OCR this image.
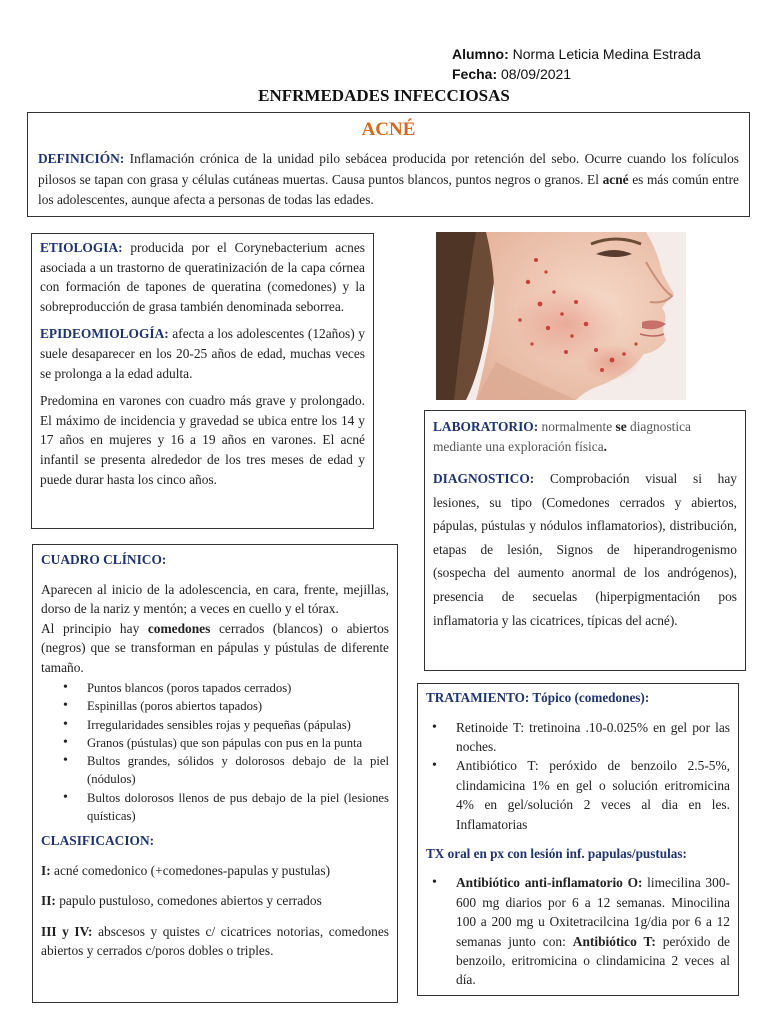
Alumno: Norma Leticia Medina Estrada
Fecha: 08/09/2021
ENFRMEDADES INFECCIOSAS
ACNÉ

DEFINICIÓN: Inflamación crónica de la unidad pilo sebácea producida por retención del sebo. Ocurre cuando los folículos pilosos se tapan con grasa y células cutáneas muertas. Causa puntos blancos, puntos negros o granos. El acné es más común entre los adolescentes, aunque afecta a personas de todas las edades.

ETIOLOGIA: producida por el Corynebacterium acnes asociada a un trastorno de queratinización de la capa córnea con formación de tapones de queratina (comedones) y la sobreproducción de grasa también denominada seborrea.

EPIDEOMIOLOGÍA: afecta a los adolescentes (12años) y suele desaparecer en los 20-25 años de edad, muchas veces se prolonga a la edad adulta.

Predomina en varones con cuadro más grave y prolongado. El máximo de incidencia y gravedad se ubica entre los 14 y 17 años en mujeres y 16 a 19 años en varones. El acné infantil se presenta alrededor de los tres meses de edad y puede durar hasta los cinco años.

LABORATORIO: normalmente se diagnostica mediante una exploración física.

DIAGNOSTICO: Comprobación visual si hay lesiones, su tipo (Comedones cerrados y abiertos, pápulas, pústulas y nódulos inflamatorios), distribución, etapas de lesión, Signos de hiperandrogenismo (sospecha del aumento anormal de los andrógenos), presencia de secuelas (hiperpigmentación pos inflamatoria y las cicatrices, típicas del acné).

CUADRO CLÍNICO:

Aparecen al inicio de la adolescencia, en cara, frente, mejillas, dorso de la nariz y mentón; a veces en cuello y el tórax.

Al principio hay comedones cerrados (blancos) o abiertos (negros) que se transforman en pápulas y pústulas de diferente tamaño.

• Puntos blancos (poros tapados cerrados)
• Espinillas (poros abiertos tapados)
• Irregularidades sensibles rojas y pequeñas (pápulas)
• Granos (pústulas) que son pápulas con pus en la punta
• Bultos grandes, sólidos y dolorosos debajo de la piel (nódulos)
• Bultos dolorosos llenos de pus debajo de la piel (lesiones quísticas)

CLASIFICACION:

I: acné comedonico (+comedones-papulas y pustulas)

II: papulo pustuloso, comedones abiertos y cerrados

III y IV: abscesos y quistes c/ cicatrices notorias, comedones abiertos y cerrados c/poros dobles o triples.

TRATAMIENTO: Tópico (comedones):

• Retinoide T: tretinoina .10-0.025% en gel por las noches.
• Antibiótico T: peróxido de benzoilo 2.5-5%, clindamicina 1% en gel o solución eritromicina 4% en gel/solución 2 veces al dia en les. Inflamatorias

TX oral en px con lesión inf. papulas/pustulas:

• Antibiótico anti-inflamatorio O: limecilina 300-600 mg diarios por 6 a 12 semanas. Minocilina 100 a 200 mg u Oxitetracilcina 1g/dia por 6 a 12 semanas junto con: Antibiótico T: peróxido de benzoilo, eritromicina o clindamicina 2 veces al día.
